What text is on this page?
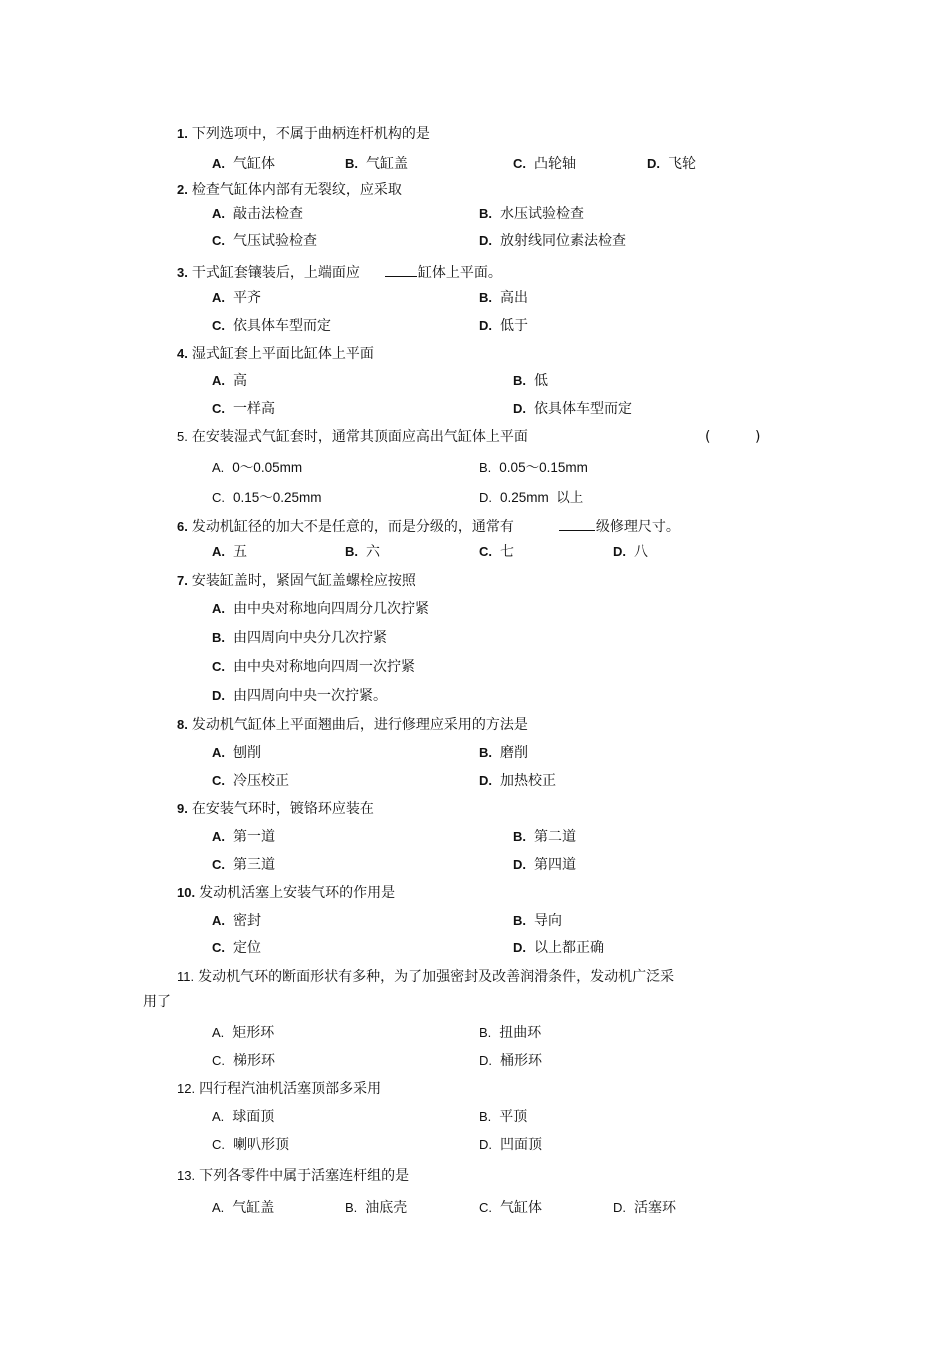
1. 下列选项中，不属于曲柄连杆机构的是
A. 气缸体	B. 气缸盖	C. 凸轮轴	D. 飞轮
2. 检查气缸体内部有无裂纹，应采取
A. 敲击法检查	B. 水压试验检查
C. 气压试验检查	D. 放射线同位素法检查
3. 干式缸套镶装后，上端面应	缸体上平面。
A. 平齐	B. 高出
C. 依具体车型而定	D. 低于
4. 湿式缸套上平面比缸体上平面
A. 高	B. 低
C. 一样高	D. 依具体车型而定
5. 在安装湿式气缸套时，通常其顶面应高出气缸体上平面	(          )
A. 0～0.05mm	B. 0.05～0.15mm
C. 0.15～0.25mm	D. 0.25mm  以上
6. 发动机缸径的加大不是任意的，而是分级的，通常有	级修理尺寸。
A. 五	B. 六	C. 七	D. 八
7. 安装缸盖时，紧固气缸盖螺栓应按照
A. 由中央对称地向四周分几次拧紧
B. 由四周向中央分几次拧紧
C. 由中央对称地向四周一次拧紧
D. 由四周向中央一次拧紧。
8. 发动机气缸体上平面翘曲后，进行修理应采用的方法是
A. 刨削	B. 磨削
C. 冷压校正	D. 加热校正
9. 在安装气环时，镀铬环应装在
A. 第一道	B. 第二道
C. 第三道	D. 第四道
10. 发动机活塞上安装气环的作用是
A. 密封	B. 导向
C. 定位	D. 以上都正确
11. 发动机气环的断面形状有多种，为了加强密封及改善润滑条件，发动机广泛采
用了
A. 矩形环	B. 扭曲环
C. 梯形环	D. 桶形环
12. 四行程汽油机活塞顶部多采用
A. 球面顶	B. 平顶
C. 喇叭形顶	D. 凹面顶
13. 下列各零件中属于活塞连杆组的是
A. 气缸盖	B. 油底壳	C. 气缸体	D. 活塞环
